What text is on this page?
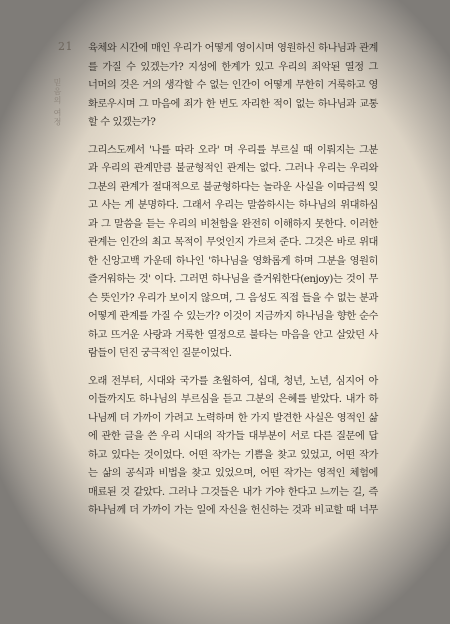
21
믿음의 여정

육체와 시간에 매인 우리가 어떻게 영이시며 영원하신 하나님과 관계
를 가질 수 있겠는가? 지성에 한계가 있고 우리의 죄악된 열정 그
너머의 것은 거의 생각할 수 없는 인간이 어떻게 무한히 거룩하고 영
화로우시며 그 마음에 죄가 한 번도 자리한 적이 없는 하나님과 교통
할 수 있겠는가?

그리스도께서 '나를 따라 오라' 며 우리를 부르실 때 이뤄지는 그분
과 우리의 관계만큼 불균형적인 관계는 없다. 그러나 우리는 우리와
그분의 관계가 절대적으로 불균형하다는 놀라운 사실을 이따금씩 잊
고 사는 게 분명하다. 그래서 우리는 말씀하시는 하나님의 위대하심
과 그 말씀을 듣는 우리의 비천함을 완전히 이해하지 못한다. 이러한
관계는 인간의 최고 목적이 무엇인지 가르쳐 준다. 그것은 바로 위대
한 신앙고백 가운데 하나인 '하나님을 영화롭게 하며 그분을 영원히
즐거워하는 것' 이다. 그러면 하나님을 즐거워한다(enjoy)는 것이 무
슨 뜻인가? 우리가 보이지 않으며, 그 음성도 직접 들을 수 없는 분과
어떻게 관계를 가질 수 있는가? 이것이 지금까지 하나님을 향한 순수
하고 뜨거운 사랑과 거룩한 열정으로 불타는 마음을 안고 살았던 사
람들이 던진 궁극적인 질문이었다.

오래 전부터, 시대와 국가를 초월하여, 십대, 청년, 노년, 심지어 아
이들까지도 하나님의 부르심을 듣고 그분의 은혜를 받았다. 내가 하
나님께 더 가까이 가려고 노력하며 한 가지 발견한 사실은 영적인 삶
에 관한 글을 쓴 우리 시대의 작가들 대부분이 서로 다른 질문에 답
하고 있다는 것이었다. 어떤 작가는 기쁨을 찾고 있었고, 어떤 작가
는 삶의 공식과 비법을 찾고 있었으며, 어떤 작가는 영적인 체험에
매료된 것 같았다. 그러나 그것들은 내가 가야 한다고 느끼는 길, 즉
하나님께 더 가까이 가는 일에 자신을 헌신하는 것과 비교할 때 너무
